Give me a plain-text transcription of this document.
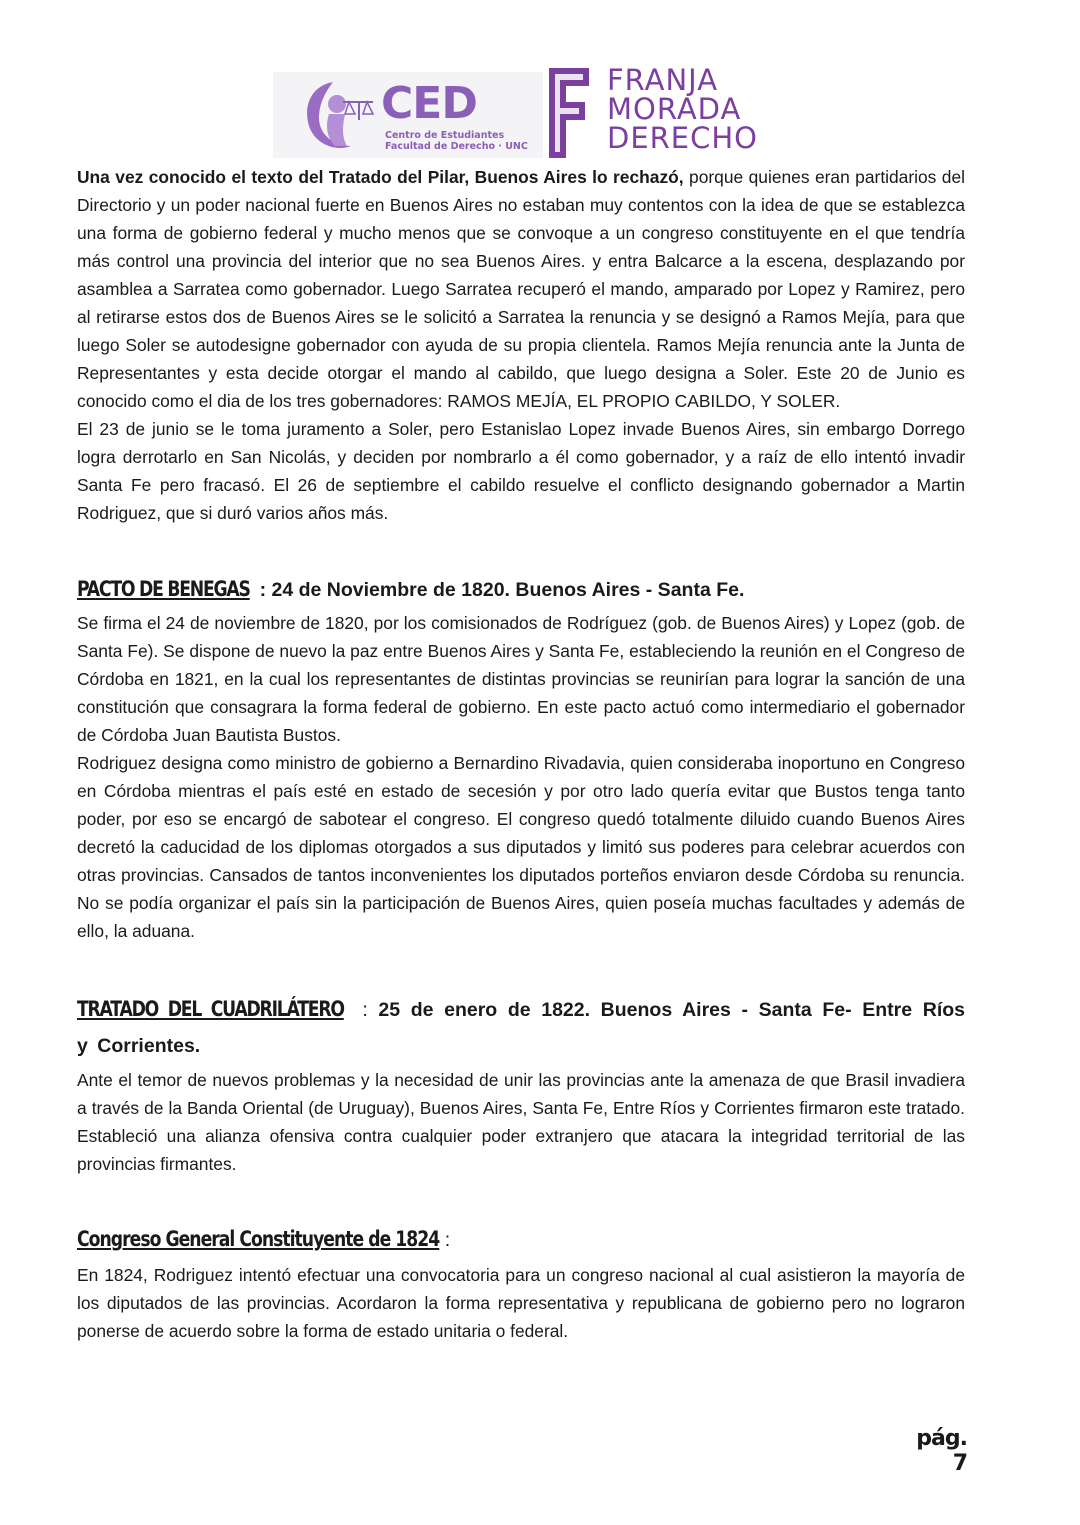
CED
Centro de Estudiantes
Facultad de Derecho · UNC
FRANJA
MORADA
DERECHO

Una vez conocido el texto del Tratado del Pilar, Buenos Aires lo rechazó, porque quienes eran partidarios del Directorio y un poder nacional fuerte en Buenos Aires no estaban muy contentos con la idea de que se establezca una forma de gobierno federal y mucho menos que se convoque a un congreso constituyente en el que tendría más control una provincia del interior que no sea Buenos Aires. y entra Balcarce a la escena, desplazando por asamblea a Sarratea como gobernador. Luego Sarratea recuperó el mando, amparado por Lopez y Ramirez, pero al retirarse estos dos de Buenos Aires se le solicitó a Sarratea la renuncia y se designó a Ramos Mejía, para que luego Soler se autodesigne gobernador con ayuda de su propia clientela. Ramos Mejía renuncia ante la Junta de Representantes y esta decide otorgar el mando al cabildo, que luego designa a Soler. Este 20 de Junio es conocido como el dia de los tres gobernadores: RAMOS MEJÍA, EL PROPIO CABILDO, Y SOLER.

El 23 de junio se le toma juramento a Soler, pero Estanislao Lopez invade Buenos Aires, sin embargo Dorrego logra derrotarlo en San Nicolás, y deciden por nombrarlo a él como gobernador, y a raíz de ello intentó invadir Santa Fe pero fracasó. El 26 de septiembre el cabildo resuelve el conflicto designando gobernador a Martin Rodriguez, que si duró varios años más.

PACTO DE BENEGAS : 24 de Noviembre de 1820. Buenos Aires - Santa Fe.

Se firma el 24 de noviembre de 1820, por los comisionados de Rodríguez (gob. de Buenos Aires) y Lopez (gob. de Santa Fe). Se dispone de nuevo la paz entre Buenos Aires y Santa Fe, estableciendo la reunión en el Congreso de Córdoba en 1821, en la cual los representantes de distintas provincias se reunirían para lograr la sanción de una constitución que consagrara la forma federal de gobierno. En este pacto actuó como intermediario el gobernador de Córdoba Juan Bautista Bustos.

Rodriguez designa como ministro de gobierno a Bernardino Rivadavia, quien consideraba inoportuno en Congreso en Córdoba mientras el país esté en estado de secesión y por otro lado quería evitar que Bustos tenga tanto poder, por eso se encargó de sabotear el congreso. El congreso quedó totalmente diluido cuando Buenos Aires decretó la caducidad de los diplomas otorgados a sus diputados y limitó sus poderes para celebrar acuerdos con otras provincias. Cansados de tantos inconvenientes los diputados porteños enviaron desde Córdoba su renuncia. No se podía organizar el país sin la participación de Buenos Aires, quien poseía muchas facultades y además de ello, la aduana.

TRATADO DEL CUADRILÁTERO : 25 de enero de 1822. Buenos Aires - Santa Fe- Entre Ríos y Corrientes.

Ante el temor de nuevos problemas y la necesidad de unir las provincias ante la amenaza de que Brasil invadiera a través de la Banda Oriental (de Uruguay), Buenos Aires, Santa Fe, Entre Ríos y Corrientes firmaron este tratado. Estableció una alianza ofensiva contra cualquier poder extranjero que atacara la integridad territorial de las provincias firmantes.

Congreso General Constituyente de 1824 :

En 1824, Rodriguez intentó efectuar una convocatoria para un congreso nacional al cual asistieron la mayoría de los diputados de las provincias. Acordaron la forma representativa y republicana de gobierno pero no lograron ponerse de acuerdo sobre la forma de estado unitaria o federal.

pág. 7
